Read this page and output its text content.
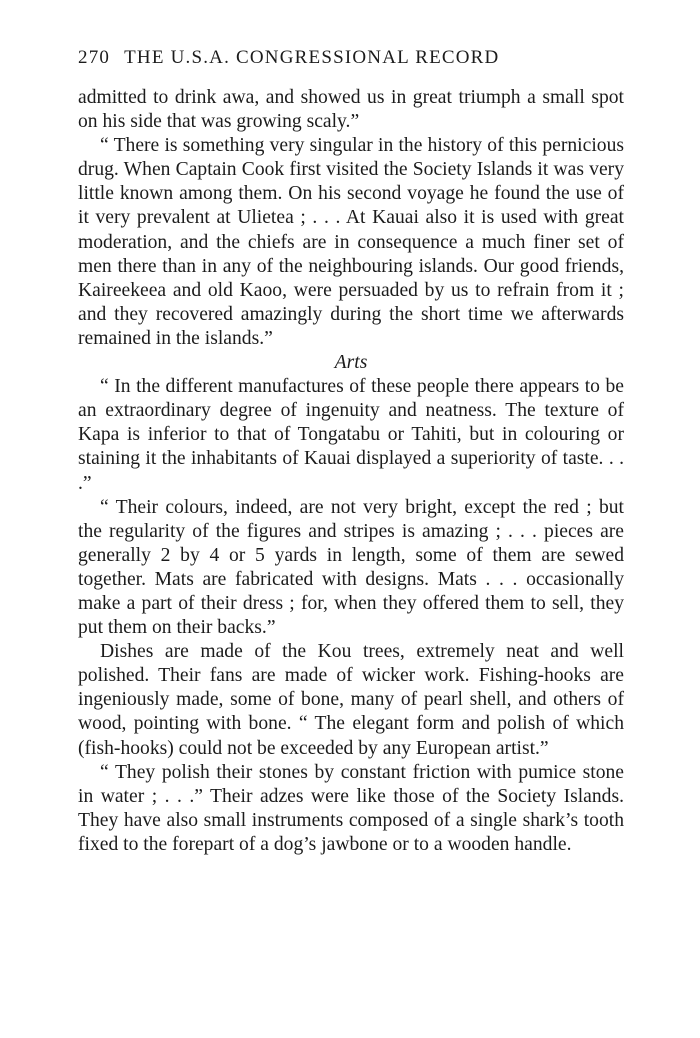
270 THE U.S.A. CONGRESSIONAL RECORD

admitted to drink awa, and showed us in great triumph a small spot on his side that was growing scaly.”

“ There is something very singular in the history of this pernicious drug. When Captain Cook first visited the Society Islands it was very little known among them. On his second voyage he found the use of it very prevalent at Ulietea ; . . . At Kauai also it is used with great moderation, and the chiefs are in consequence a much finer set of men there than in any of the neighbouring islands. Our good friends, Kaireekeea and old Kaoo, were persuaded by us to refrain from it ; and they recovered amazingly during the short time we afterwards remained in the islands.”

Arts

“ In the different manufactures of these people there appears to be an extraordinary degree of ingenuity and neatness. The texture of Kapa is inferior to that of Tongatabu or Tahiti, but in colouring or staining it the inhabitants of Kauai displayed a superiority of taste. . . .”

“ Their colours, indeed, are not very bright, except the red ; but the regularity of the figures and stripes is amazing ; . . . pieces are generally 2 by 4 or 5 yards in length, some of them are sewed together. Mats are fabricated with designs. Mats . . . occasionally make a part of their dress ; for, when they offered them to sell, they put them on their backs.”

Dishes are made of the Kou trees, extremely neat and well polished. Their fans are made of wicker work. Fishing-hooks are ingeniously made, some of bone, many of pearl shell, and others of wood, pointing with bone. “ The elegant form and polish of which (fish-hooks) could not be exceeded by any European artist.”

“ They polish their stones by constant friction with pumice stone in water ; . . .” Their adzes were like those of the Society Islands. They have also small instruments composed of a single shark’s tooth fixed to the forepart of a dog’s jawbone or to a wooden handle.
